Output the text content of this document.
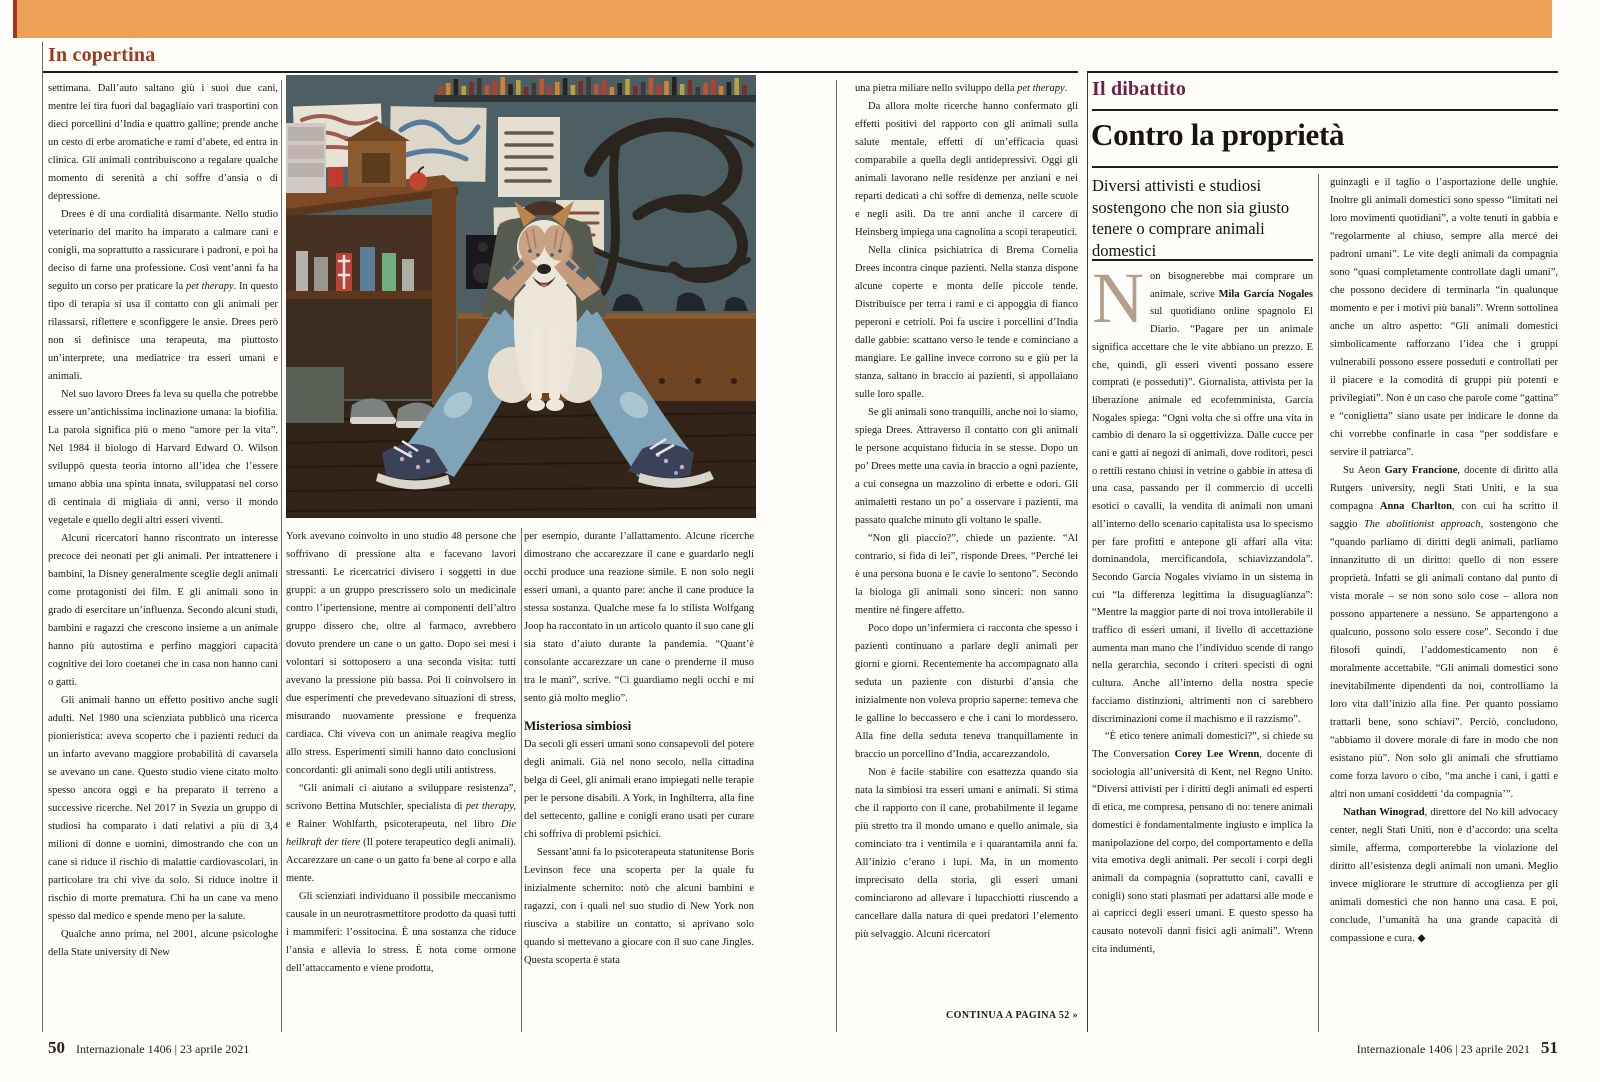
In copertina

settimana. Dall’auto saltano giù i suoi due cani, mentre lei tira fuori dal bagagliaio vari trasportini con dieci porcellini d’India e quattro galline; prende anche un cesto di erbe aromatiche e rami d’abete, ed entra in clinica. Gli animali contribuiscono a regalare qualche momento di serenità a chi soffre d’ansia o di depressione.

Drees è di una cordialità disarmante. Nello studio veterinario del marito ha imparato a calmare cani e conigli, ma soprattutto a rassicurare i padroni, e poi ha deciso di farne una professione. Così vent’anni fa ha seguito un corso per praticare la pet therapy. In questo tipo di terapia si usa il contatto con gli animali per rilassarsi, riflettere e sconfiggere le ansie. Drees però non si definisce una terapeuta, ma piuttosto un’interprete, una mediatrice tra esseri umani e animali.

Nel suo lavoro Drees fa leva su quella che potrebbe essere un’antichissima inclinazione umana: la biofilia. La parola significa più o meno “amore per la vita”. Nel 1984 il biologo di Harvard Edward O. Wilson sviluppò questa teoria intorno all’idea che l’essere umano abbia una spinta innata, sviluppatasi nel corso di centinaia di migliaia di anni, verso il mondo vegetale e quello degli altri esseri viventi.

Alcuni ricercatori hanno riscontrato un interesse precoce dei neonati per gli animali. Per intrattenere i bambini, la Disney generalmente sceglie degli animali come protagonisti dei film. E gli animali sono in grado di esercitare un’influenza. Secondo alcuni studi, bambini e ragazzi che crescono insieme a un animale hanno più autostima e perfino maggiori capacità cognitive dei loro coetanei che in casa non hanno cani o gatti.

Gli animali hanno un effetto positivo anche sugli adulti. Nel 1980 una scienziata pubblicò una ricerca pionieristica: aveva scoperto che i pazienti reduci da un infarto avevano maggiore probabilità di cavarsela se avevano un cane. Questo studio viene citato molto spesso ancora oggi e ha preparato il terreno a successive ricerche. Nel 2017 in Svezia un gruppo di studiosi ha comparato i dati relativi a più di 3,4 milioni di donne e uomini, dimostrando che con un cane si riduce il rischio di malattie cardiovascolari, in particolare tra chi vive da solo. Si riduce inoltre il rischio di morte prematura. Chi ha un cane va meno spesso dal medico e spende meno per la salute.

Qualche anno prima, nel 2001, alcune psicologhe della State university di New

York avevano coinvolto in uno studio 48 persone che soffrivano di pressione alta e facevano lavori stressanti. Le ricercatrici divisero i soggetti in due gruppi: a un gruppo prescrissero solo un medicinale contro l’ipertensione, mentre ai componenti dell’altro gruppo dissero che, oltre al farmaco, avrebbero dovuto prendere un cane o un gatto. Dopo sei mesi i volontari si sottoposero a una seconda visita: tutti avevano la pressione più bassa. Poi li coinvolsero in due esperimenti che prevedevano situazioni di stress, misurando nuovamente pressione e frequenza cardiaca. Chi viveva con un animale reagiva meglio allo stress. Esperimenti simili hanno dato conclusioni concordanti: gli animali sono degli utili antistress.

“Gli animali ci aiutano a sviluppare resistenza”, scrivono Bettina Mutschler, specialista di pet therapy, e Rainer Wohlfarth, psicoterapeuta, nel libro Die heilkraft der tiere (Il potere terapeutico degli animali). Accarezzare un cane o un gatto fa bene al corpo e alla mente.

Gli scienziati individuano il possibile meccanismo causale in un neurotrasmettitore prodotto da quasi tutti i mammiferi: l’ossitocina. È una sostanza che riduce l’ansia e allevia lo stress. È nota come ormone dell’attaccamento e viene prodotta,

per esempio, durante l’allattamento. Alcune ricerche dimostrano che accarezzare il cane e guardarlo negli occhi produce una reazione simile. E non solo negli esseri umani, a quanto pare: anche il cane produce la stessa sostanza. Qualche mese fa lo stilista Wolfgang Joop ha raccontato in un articolo quanto il suo cane gli sia stato d’aiuto durante la pandemia. “Quant’è consolante accarezzare un cane o prenderne il muso tra le mani”, scrive. “Ci guardiamo negli occhi e mi sento già molto meglio”.

Misteriosa simbiosi

Da secoli gli esseri umani sono consapevoli del potere degli animali. Già nel nono secolo, nella cittadina belga di Geel, gli animali erano impiegati nelle terapie per le persone disabili. A York, in Inghilterra, alla fine del settecento, galline e conigli erano usati per curare chi soffriva di problemi psichici.

Sessant’anni fa lo psicoterapeuta statunitense Boris Levinson fece una scoperta per la quale fu inizialmente schernito: notò che alcuni bambini e ragazzi, con i quali nel suo studio di New York non riusciva a stabilire un contatto, si aprivano solo quando si mettevano a giocare con il suo cane Jingles. Questa scoperta è stata

una pietra miliare nello sviluppo della pet therapy.

Da allora molte ricerche hanno confermato gli effetti positivi del rapporto con gli animali sulla salute mentale, effetti di un’efficacia quasi comparabile a quella degli antidepressivi. Oggi gli animali lavorano nelle residenze per anziani e nei reparti dedicati a chi soffre di demenza, nelle scuole e negli asili. Da tre anni anche il carcere di Heinsberg impiega una cagnolina a scopi terapeutici.

Nella clinica psichiatrica di Brema Cornelia Drees incontra cinque pazienti. Nella stanza dispone alcune coperte e monta delle piccole tende. Distribuisce per terra i rami e ci appoggia di fianco peperoni e cetrioli. Poi fa uscire i porcellini d’India dalle gabbie: scattano verso le tende e cominciano a mangiare. Le galline invece corrono su e giù per la stanza, saltano in braccio ai pazienti, si appollaiano sulle loro spalle.

Se gli animali sono tranquilli, anche noi lo siamo, spiega Drees. Attraverso il contatto con gli animali le persone acquistano fiducia in se stesse. Dopo un po’ Drees mette una cavia in braccio a ogni paziente, a cui consegna un mazzolino di erbette e odori. Gli animaletti restano un po’ a osservare i pazienti, ma passato qualche minuto gli voltano le spalle.

“Non gli piaccio?”, chiede un paziente. “Al contrario, si fida di lei”, risponde Drees. “Perché lei è una persona buona e le cavie lo sentono”. Secondo la biologa gli animali sono sinceri: non sanno mentire né fingere affetto.

Poco dopo un’infermiera ci racconta che spesso i pazienti continuano a parlare degli animali per giorni e giorni. Recentemente ha accompagnato alla seduta un paziente con disturbi d’ansia che inizialmente non voleva proprio saperne: temeva che le galline lo beccassero e che i cani lo mordessero. Alla fine della seduta teneva tranquillamente in braccio un porcellino d’India, accarezzandolo.

Non è facile stabilire con esattezza quando sia nata la simbiosi tra esseri umani e animali. Si stima che il rapporto con il cane, probabilmente il legame più stretto tra il mondo umano e quello animale, sia cominciato tra i ventimila e i quarantamila anni fa. All’inizio c’erano i lupi. Ma, in un momento imprecisato della storia, gli esseri umani cominciarono ad allevare i lupacchiotti riuscendo a cancellare dalla natura di quei predatori l’elemento più selvaggio. Alcuni ricercatori

CONTINUA A PAGINA 52 »
Il dibattito
Contro la proprietà
Diversi attivisti e studiosi sostengono che non sia giusto tenere o comprare animali domestici

Non bisognerebbe mai comprare un animale, scrive Mila García Nogales sul quotidiano online spagnolo El Diario. “Pagare per un animale significa accettare che le vite abbiano un prezzo. E che, quindi, gli esseri viventi possano essere comprati (e posseduti)”. Giornalista, attivista per la liberazione animale ed ecofemminista, García Nogales spiega: “Ogni volta che si offre una vita in cambio di denaro la si oggettivizza. Dalle cucce per cani e gatti ai negozi di animali, dove roditori, pesci o rettili restano chiusi in vetrine o gabbie in attesa di una casa, passando per il commercio di uccelli esotici o cavalli, la vendita di animali non umani all’interno dello scenario capitalista usa lo specismo per fare profitti e antepone gli affari alla vita: dominandola, mercificandola, schiavizzandola”. Secondo García Nogales viviamo in un sistema in cui “la differenza legittima la disuguaglianza”: “Mentre la maggior parte di noi trova intollerabile il traffico di esseri umani, il livello di accettazione aumenta man mano che l’individuo scende di rango nella gerarchia, secondo i criteri specisti di ogni cultura. Anche all’interno della nostra specie facciamo distinzioni, altrimenti non ci sarebbero discriminazioni come il machismo e il razzismo”.

“È etico tenere animali domestici?”, si chiede su The Conversation Corey Lee Wrenn, docente di sociologia all’università di Kent, nel Regno Unito. “Diversi attivisti per i diritti degli animali ed esperti di etica, me compresa, pensano di no: tenere animali domestici è fondamentalmente ingiusto e implica la manipolazione del corpo, del comportamento e della vita emotiva degli animali. Per secoli i corpi degli animali da compagnia (soprattutto cani, cavalli e conigli) sono stati plasmati per adattarsi alle mode e ai capricci degli esseri umani. E questo spesso ha causato notevoli danni fisici agli animali”. Wrenn cita indumenti,

guinzagli e il taglio o l’asportazione delle unghie. Inoltre gli animali domestici sono spesso “limitati nei loro movimenti quotidiani”, a volte tenuti in gabbia e “regolarmente al chiuso, sempre alla mercé dei padroni umani”. Le vite degli animali da compagnia sono “quasi completamente controllate dagli umani”, che possono decidere di terminarla “in qualunque momento e per i motivi più banali”. Wrenn sottolinea anche un altro aspetto: “Gli animali domestici simbolicamente rafforzano l’idea che i gruppi vulnerabili possono essere posseduti e controllati per il piacere e la comodità di gruppi più potenti e privilegiati”. Non è un caso che parole come “gattina” e “coniglietta” siano usate per indicare le donne da chi vorrebbe confinarle in casa “per soddisfare e servire il patriarca”.

Su Aeon Gary Francione, docente di diritto alla Rutgers university, negli Stati Uniti, e la sua compagna Anna Charlton, con cui ha scritto il saggio The abolitionist approach, sostengono che “quando parliamo di diritti degli animali, parliamo innanzitutto di un diritto: quello di non essere proprietà. Infatti se gli animali contano dal punto di vista morale – se non sono solo cose – allora non possono appartenere a nessuno. Se appartengono a qualcuno, possono solo essere cose”. Secondo i due filosofi quindi, l’addomesticamento non è moralmente accettabile. “Gli animali domestici sono inevitabilmente dipendenti da noi, controlliamo la loro vita dall’inizio alla fine. Per quanto possiamo trattarli bene, sono schiavi”. Perciò, concludono, “abbiamo il dovere morale di fare in modo che non esistano più”. Non solo gli animali che sfruttiamo come forza lavoro o cibo, “ma anche i cani, i gatti e altri non umani cosiddetti ‘da compagnia’”.

Nathan Winograd, direttore del No kill advocacy center, negli Stati Uniti, non è d’accordo: una scelta simile, afferma, comporterebbe la violazione del diritto all’esistenza degli animali non umani. Meglio invece migliorare le strutture di accoglienza per gli animali domestici che non hanno una casa. E poi, conclude, l’umanità ha una grande capacità di compassione e cura. ◆

50 Internazionale 1406 | 23 aprile 2021	Internazionale 1406 | 23 aprile 2021 51
